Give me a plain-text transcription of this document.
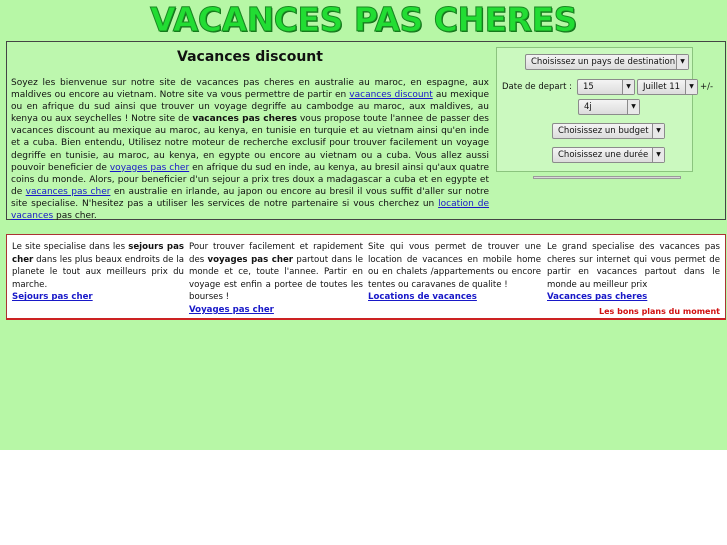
VACANCES PAS CHERES
Vacances discount

Soyez les bienvenue sur notre site de vacances pas cheres en australie au maroc, en espagne, aux maldives ou encore au vietnam. Notre site va vous permettre de partir en vacances discount au mexique ou en afrique du sud ainsi que trouver un voyage degriffe au cambodge au maroc, aux maldives, au kenya ou aux seychelles ! Notre site de vacances pas cheres vous propose toute l'annee de passer des vacances discount au mexique au maroc, au kenya, en tunisie en turquie et au vietnam ainsi qu'en inde et a cuba. Bien entendu, Utilisez notre moteur de recherche exclusif pour trouver facilement un voyage degriffe en tunisie, au maroc, au kenya, en egypte ou encore au vietnam ou a cuba. Vous allez aussi pouvoir beneficier de voyages pas cher en afrique du sud en inde, au kenya, au bresil ainsi qu'aux quatre coins du monde. Alors, pour beneficier d'un sejour a prix tres doux a madagascar a cuba et en egypte et de vacances pas cher en australie en irlande, au japon ou encore au bresil il vous suffit d'aller sur notre site specialise. N'hesitez pas a utiliser les services de notre partenaire si vous cherchez un location de vacances pas cher.

Choisissez un pays de destination ▼
Date de depart :	15	▼	Juillet 11	▼ +/-
4j	▼
Choisissez un budget	▼
Choisissez une durée	▼
Le site specialise dans les sejours pas cher dans les plus beaux endroits de la planete le tout aux meilleurs prix du marche.
Sejours pas cher
Pour trouver facilement et rapidement des voyages pas cher partout dans le monde et ce, toute l'annee. Partir en voyage est enfin a portee de toutes les bourses !
Voyages pas cher
Site qui vous permet de trouver une location de vacances en mobile home ou en chalets /appartements ou encore tentes ou caravanes de qualite !
Locations de vacances
Le grand specialise des vacances pas cheres sur internet qui vous permet de partir en vacances partout dans le monde au meilleur prix
Vacances pas cheres
Les bons plans du moment
